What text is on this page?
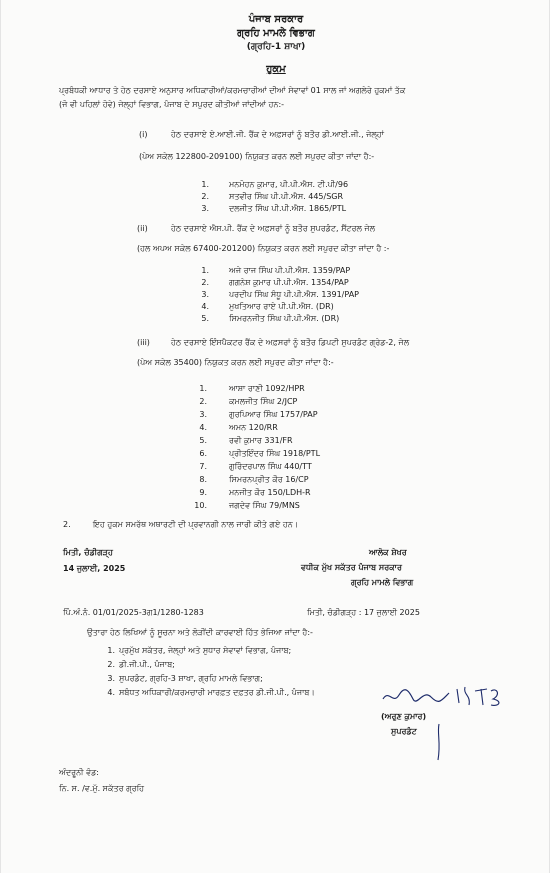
ਪੰਜਾਬ ਸਰਕਾਰ
ਗ੍ਰਹਿ ਮਾਮਲੇ ਵਿਭਾਗ
(ਗ੍ਰਹਿ-1 ਸ਼ਾਖਾ)
ਹੁਕਮ
ਪ੍ਰਬੰਧਕੀ ਆਧਾਰ ਤੇ ਹੇਠ ਦਰਸਾਏ ਅਨੁਸਾਰ ਅਧਿਕਾਰੀਆਂ/ਕਰਮਚਾਰੀਆਂ ਦੀਆਂ ਸੇਵਾਵਾਂ 01 ਸਾਲ ਜਾਂ ਅਗਲੇਰੇ ਹੁਕਮਾਂ ਤੱਕ
(ਜੋ ਵੀ ਪਹਿਲਾਂ ਹੋਵੇ) ਜੇਲ੍ਹਾਂ ਵਿਭਾਗ, ਪੰਜਾਬ ਦੇ ਸਪੁਰਦ ਕੀਤੀਆਂ ਜਾਂਦੀਆਂ ਹਨ:-
(i)	ਹੇਠ ਦਰਸਾਏ ਏ.ਆਈ.ਜੀ. ਰੈਂਕ ਦੇ ਅਫ਼ਸਰਾਂ ਨੂੰ ਬਤੌਰ ਡੀ.ਆਈ.ਜੀ., ਜੇਲ੍ਹਾਂ
(ਪੇਅ ਸਕੇਲ 122800-209100) ਨਿਯੁਕਤ ਕਰਨ ਲਈ ਸਪੁਰਦ ਕੀਤਾ ਜਾਂਦਾ ਹੈ:-
1.	ਮਨਮੋਹਨ ਕੁਮਾਰ, ਪੀ.ਪੀ.ਐਸ. ਟੀ.ਪੀ/96
2.	ਸਤਵੀਰ ਸਿੰਘ ਪੀ.ਪੀ.ਐਸ. 445/SGR
3.	ਦਲਜੀਤ ਸਿੰਘ ਪੀ.ਪੀ.ਐਸ. 1865/PTL
(ii)	ਹੇਠ ਦਰਸਾਏ ਐਸ.ਪੀ. ਰੈਂਕ ਦੇ ਅਫ਼ਸਰਾਂ ਨੂੰ ਬਤੌਰ ਸੁਪਰਡੰਟ, ਸੈਂਟਰਲ ਜੇਲ
(ਹਲ ਅਪਅ ਸਕੇਲ 67400-201200) ਨਿਯੁਕਤ ਕਰਨ ਲਈ ਸਪੁਰਦ ਕੀਤਾ ਜਾਂਦਾ ਹੈ :-
1.	ਅਜੇ ਰਾਜ ਸਿੰਘ ਪੀ.ਪੀ.ਐਸ. 1359/PAP
2.	ਗਗਨੇਸ਼ ਕੁਮਾਰ ਪੀ.ਪੀ.ਐਸ. 1354/PAP
3.	ਪਰਦੀਪ ਸਿੰਘ ਸੰਧੂ ਪੀ.ਪੀ.ਐਸ. 1391/PAP
4.	ਮੁਖਤਿਆਰ ਰਾਏ ਪੀ.ਪੀ.ਐਸ. (DR)
5.	ਸਿਮਰਨਜੀਤ ਸਿੰਘ ਪੀ.ਪੀ.ਐਸ. (DR)
(iii)	ਹੇਠ ਦਰਸਾਏ ਇੰਸਪੈਕਟਰ ਰੈਂਕ ਦੇ ਅਫ਼ਸਰਾਂ ਨੂੰ ਬਤੌਰ ਡਿਪਟੀ ਸੁਪਰਡੰਟ ਗ੍ਰੇਡ-2, ਜੇਲ
(ਪੇਅ ਸਕੇਲ 35400) ਨਿਯੁਕਤ ਕਰਨ ਲਈ ਸਪੁਰਦ ਕੀਤਾ ਜਾਂਦਾ ਹੈ:-
1.	ਆਸ਼ਾ ਰਾਣੀ 1092/HPR
2.	ਕਮਲਜੀਤ ਸਿੰਘ 2/JCP
3.	ਗੁਰਪਿਆਰ ਸਿੰਘ 1757/PAP
4.	ਅਮਨ 120/RR
5.	ਰਵੀ ਕੁਮਾਰ 331/FR
6.	ਪ੍ਰੀਤਇੰਦਰ ਸਿੰਘ 1918/PTL
7.	ਗੁਰਿੰਦਰਪਾਲ ਸਿੰਘ 440/TT
8.	ਸਿਮਰਨਪ੍ਰੀਤ ਕੌਰ 16/CP
9.	ਮਨਜੀਤ ਕੌਰ 150/LDH-R
10.	ਜਗਦੇਵ ਸਿੰਘ 79/MNS
2.	ਇਹ ਹੁਕਮ ਸਮਰੱਥ ਅਥਾਰਟੀ ਦੀ ਪ੍ਰਵਾਨਗੀ ਨਾਲ ਜਾਰੀ ਕੀਤੇ ਗਏ ਹਨ।
ਮਿਤੀ, ਚੰਡੀਗੜ੍ਹ
14 ਜੁਲਾਈ, 2025
ਆਲੋਕ ਸ਼ੇਖਰ
ਵਧੀਕ ਮੁੱਖ ਸਕੱਤਰ ਪੰਜਾਬ ਸਰਕਾਰ
ਗ੍ਰਹਿ ਮਾਮਲੇ ਵਿਭਾਗ
ਪਿੰ.ਅੰ.ਨੰ. 01/01/2025-3ਗ1/1280-1283	ਮਿਤੀ, ਚੰਡੀਗੜ੍ਹ : 17 ਜੁਲਾਈ 2025
ਉਤਾਰਾ ਹੇਠ ਲਿਖਿਆਂ ਨੂੰ ਸੂਚਨਾ ਅਤੇ ਲੋੜੀਂਦੀ ਕਾਰਵਾਈ ਹਿੱਤ ਭੇਜਿਆ ਜਾਂਦਾ ਹੈ:-
1. ਪ੍ਰਮੁੱਖ ਸਕੱਤਰ, ਜੇਲ੍ਹਾਂ ਅਤੇ ਸੁਧਾਰ ਸੇਵਾਵਾਂ ਵਿਭਾਗ, ਪੰਜਾਬ;
2. ਡੀ.ਜੀ.ਪੀ., ਪੰਜਾਬ;
3. ਸੁਪਰਡੰਟ, ਗ੍ਰਹਿ-3 ਸ਼ਾਖਾ, ਗ੍ਰਹਿ ਮਾਮਲੇ ਵਿਭਾਗ;
4. ਸਬੰਧਤ ਅਧਿਕਾਰੀ/ਕਰਮਚਾਰੀ ਮਾਰਫ਼ਤ ਦਫ਼ਤਰ ਡੀ.ਜੀ.ਪੀ., ਪੰਜਾਬ।
(ਅਰੁਣ ਕੁਮਾਰ)
ਸੁਪਰਡੰਟ
ਅੰਦਰੂਨੀ ਵੰਡ:
ਨਿ. ਸ. /ਵ.ਮੁੱ. ਸਕੱਤਰ ਗ੍ਰਹਿ
